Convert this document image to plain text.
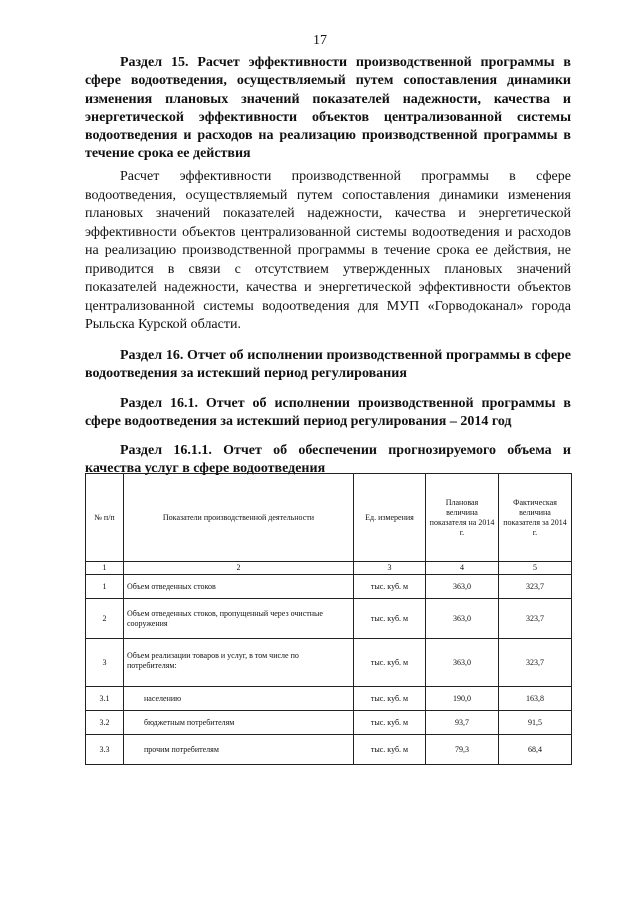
17

Раздел 15. Расчет эффективности производственной программы в сфере водоотведения, осуществляемый путем сопоставления динамики изменения плановых значений показателей надежности, качества и энергетической эффективности объектов централизованной системы водоотведения и расходов на реализацию производственной программы в течение срока ее действия

Расчет эффективности производственной программы в сфере водоотведения, осуществляемый путем сопоставления динамики изменения плановых значений показателей надежности, качества и энергетической эффективности объектов централизованной системы водоотведения и расходов на реализацию производственной программы в течение срока ее действия, не приводится в связи с отсутствием утвержденных плановых значений показателей надежности, качества и энергетической эффективности объектов централизованной системы водоотведения для МУП «Горводоканал» города Рыльска Курской области.

Раздел 16. Отчет об исполнении производственной программы в сфере водоотведения за истекший период регулирования

Раздел 16.1. Отчет об исполнении производственной программы в сфере водоотведения за истекший период регулирования – 2014 год

Раздел 16.1.1. Отчет об обеспечении прогнозируемого объема и качества услуг в сфере водоотведения

№ п/п	Показатели производственной деятельности	Ед. измерения	Плановая величина показателя на 2014 г.	Фактическая величина показателя за 2014 г.
1	2	3	4	5
1	Объем отведенных стоков	тыс. куб. м	363,0	323,7
2	Объем отведенных стоков, пропущенный через очистные сооружения	тыс. куб. м	363,0	323,7
3	Объем реализации товаров и услуг, в том числе по потребителям:	тыс. куб. м	363,0	323,7
3.1	населению	тыс. куб. м	190,0	163,8
3.2	бюджетным потребителям	тыс. куб. м	93,7	91,5
3.3	прочим потребителям	тыс. куб. м	79,3	68,4
